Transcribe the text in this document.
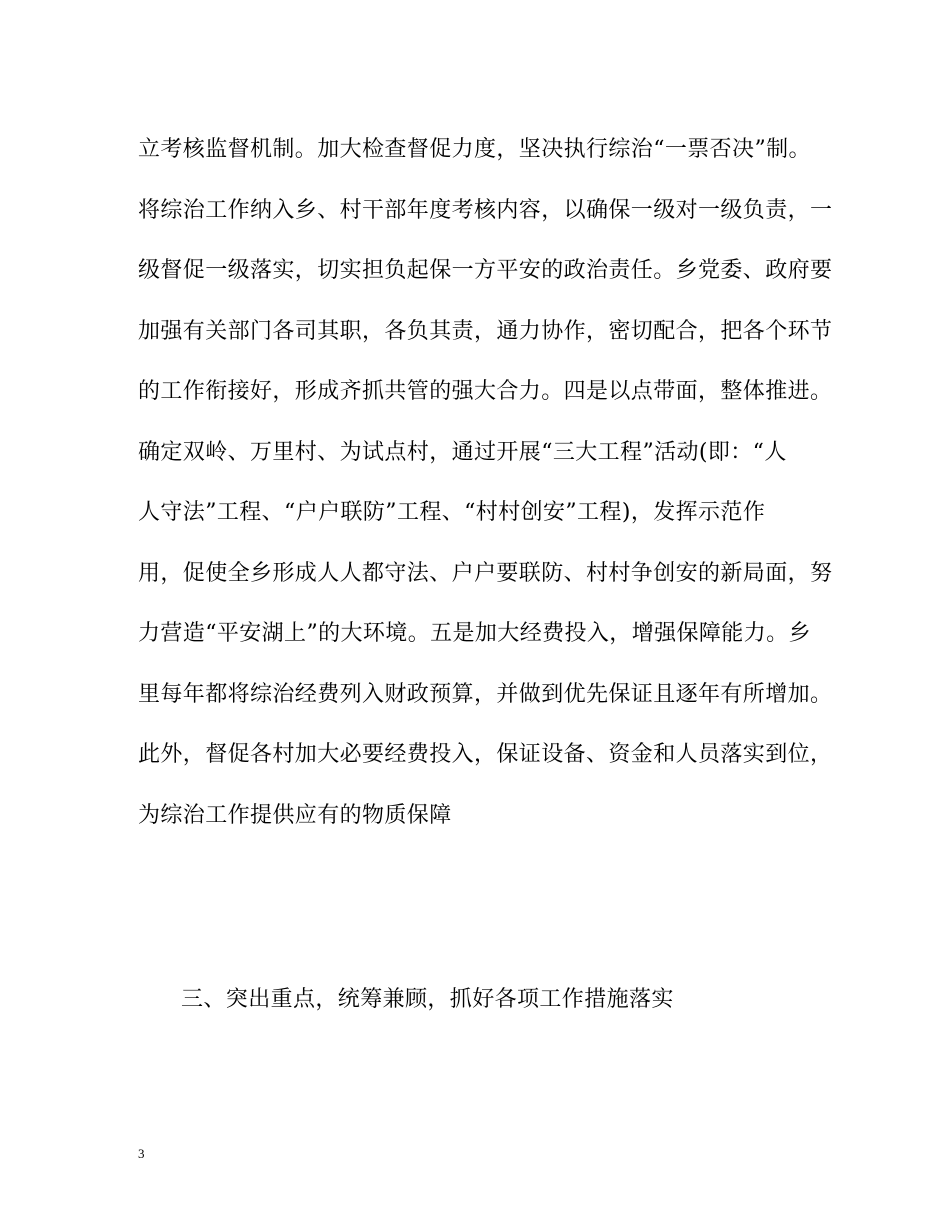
立考核监督机制。加大检查督促力度，坚决执行综治“一票否决”制。
将综治工作纳入乡、村干部年度考核内容，以确保一级对一级负责，一
级督促一级落实，切实担负起保一方平安的政治责任。乡党委、政府要
加强有关部门各司其职，各负其责，通力协作，密切配合，把各个环节
的工作衔接好，形成齐抓共管的强大合力。四是以点带面，整体推进。
确定双岭、万里村、为试点村，通过开展“三大工程”活动(即：“人
人守法”工程、“户户联防”工程、“村村创安”工程)，发挥示范作
用，促使全乡形成人人都守法、户户要联防、村村争创安的新局面，努
力营造“平安湖上”的大环境。五是加大经费投入，增强保障能力。乡
里每年都将综治经费列入财政预算，并做到优先保证且逐年有所增加。
此外，督促各村加大必要经费投入，保证设备、资金和人员落实到位，
为综治工作提供应有的物质保障

三、突出重点，统筹兼顾，抓好各项工作措施落实

3
